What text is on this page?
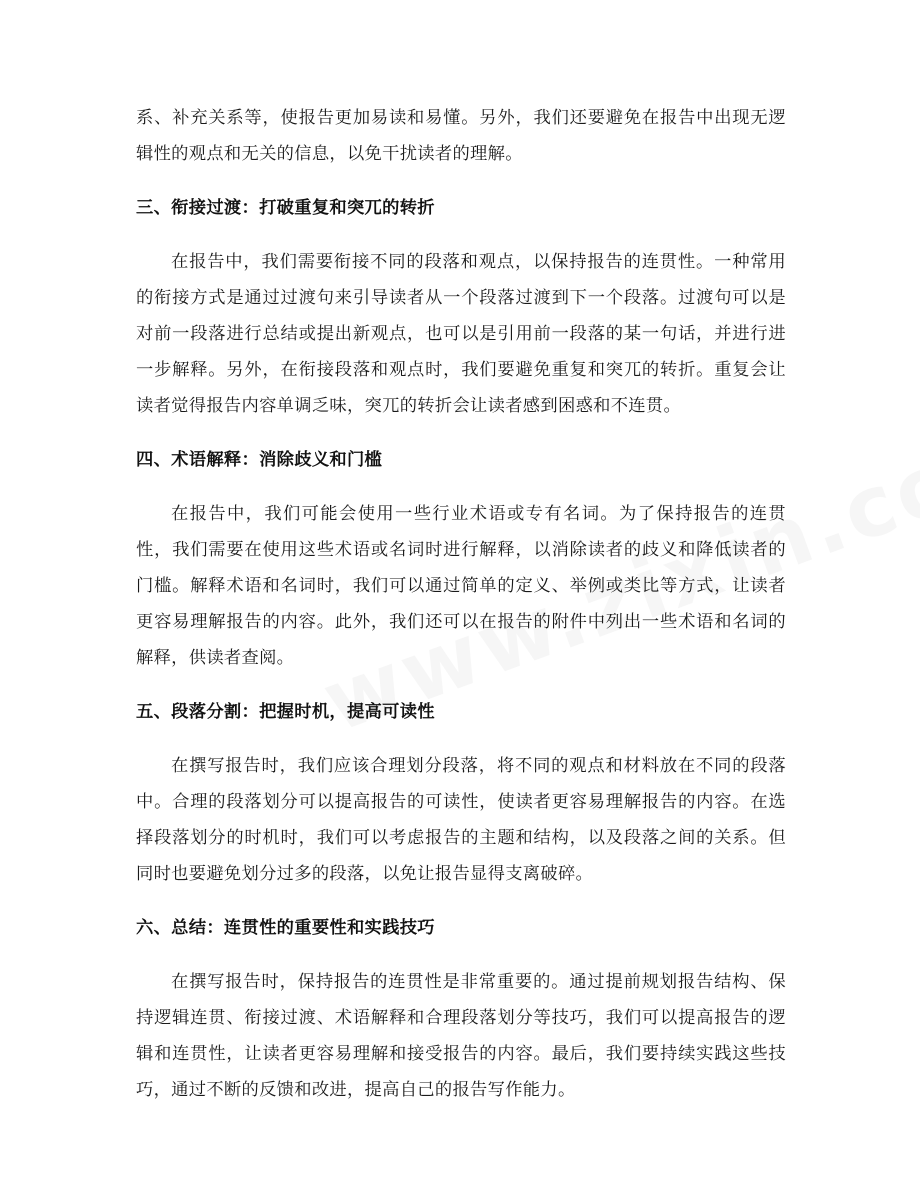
系、补充关系等，使报告更加易读和易懂。另外，我们还要避免在报告中出现无逻辑性的观点和无关的信息，以免干扰读者的理解。

三、衔接过渡：打破重复和突兀的转折

在报告中，我们需要衔接不同的段落和观点，以保持报告的连贯性。一种常用的衔接方式是通过过渡句来引导读者从一个段落过渡到下一个段落。过渡句可以是对前一段落进行总结或提出新观点，也可以是引用前一段落的某一句话，并进行进一步解释。另外，在衔接段落和观点时，我们要避免重复和突兀的转折。重复会让读者觉得报告内容单调乏味，突兀的转折会让读者感到困惑和不连贯。

四、术语解释：消除歧义和门槛

在报告中，我们可能会使用一些行业术语或专有名词。为了保持报告的连贯性，我们需要在使用这些术语或名词时进行解释，以消除读者的歧义和降低读者的门槛。解释术语和名词时，我们可以通过简单的定义、举例或类比等方式，让读者更容易理解报告的内容。此外，我们还可以在报告的附件中列出一些术语和名词的解释，供读者查阅。

五、段落分割：把握时机，提高可读性

在撰写报告时，我们应该合理划分段落，将不同的观点和材料放在不同的段落中。合理的段落划分可以提高报告的可读性，使读者更容易理解报告的内容。在选择段落划分的时机时，我们可以考虑报告的主题和结构，以及段落之间的关系。但同时也要避免划分过多的段落，以免让报告显得支离破碎。

六、总结：连贯性的重要性和实践技巧

在撰写报告时，保持报告的连贯性是非常重要的。通过提前规划报告结构、保持逻辑连贯、衔接过渡、术语解释和合理段落划分等技巧，我们可以提高报告的逻辑和连贯性，让读者更容易理解和接受报告的内容。最后，我们要持续实践这些技巧，通过不断的反馈和改进，提高自己的报告写作能力。
